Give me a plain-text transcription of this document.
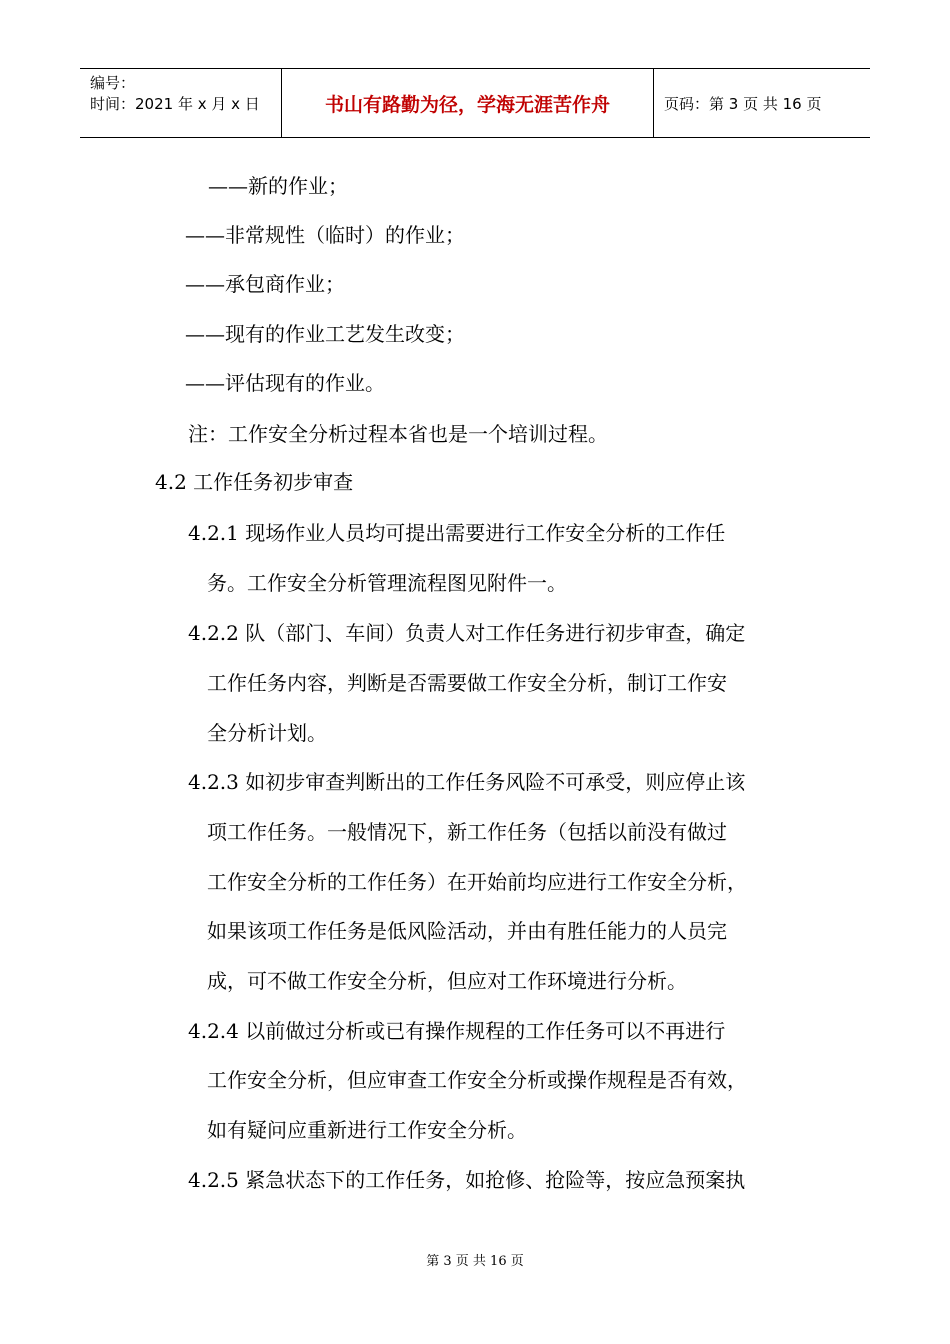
编号：
时间：2021 年 x 月 x 日	书山有路勤为径，学海无涯苦作舟	页码：第 3 页 共 16 页
——新的作业；
——非常规性（临时）的作业；
——承包商作业；
——现有的作业工艺发生改变；
——评估现有的作业。
注：工作安全分析过程本省也是一个培训过程。
4.2 工作任务初步审查
4.2.1 现场作业人员均可提出需要进行工作安全分析的工作任
务。工作安全分析管理流程图见附件一。
4.2.2 队（部门、车间）负责人对工作任务进行初步审查，确定
工作任务内容，判断是否需要做工作安全分析，制订工作安
全分析计划。
4.2.3 如初步审查判断出的工作任务风险不可承受，则应停止该
项工作任务。一般情况下，新工作任务（包括以前没有做过
工作安全分析的工作任务）在开始前均应进行工作安全分析，
如果该项工作任务是低风险活动，并由有胜任能力的人员完
成，可不做工作安全分析，但应对工作环境进行分析。
4.2.4 以前做过分析或已有操作规程的工作任务可以不再进行
工作安全分析，但应审查工作安全分析或操作规程是否有效，
如有疑问应重新进行工作安全分析。
4.2.5 紧急状态下的工作任务，如抢修、抢险等，按应急预案执
第 3 页 共 16 页
